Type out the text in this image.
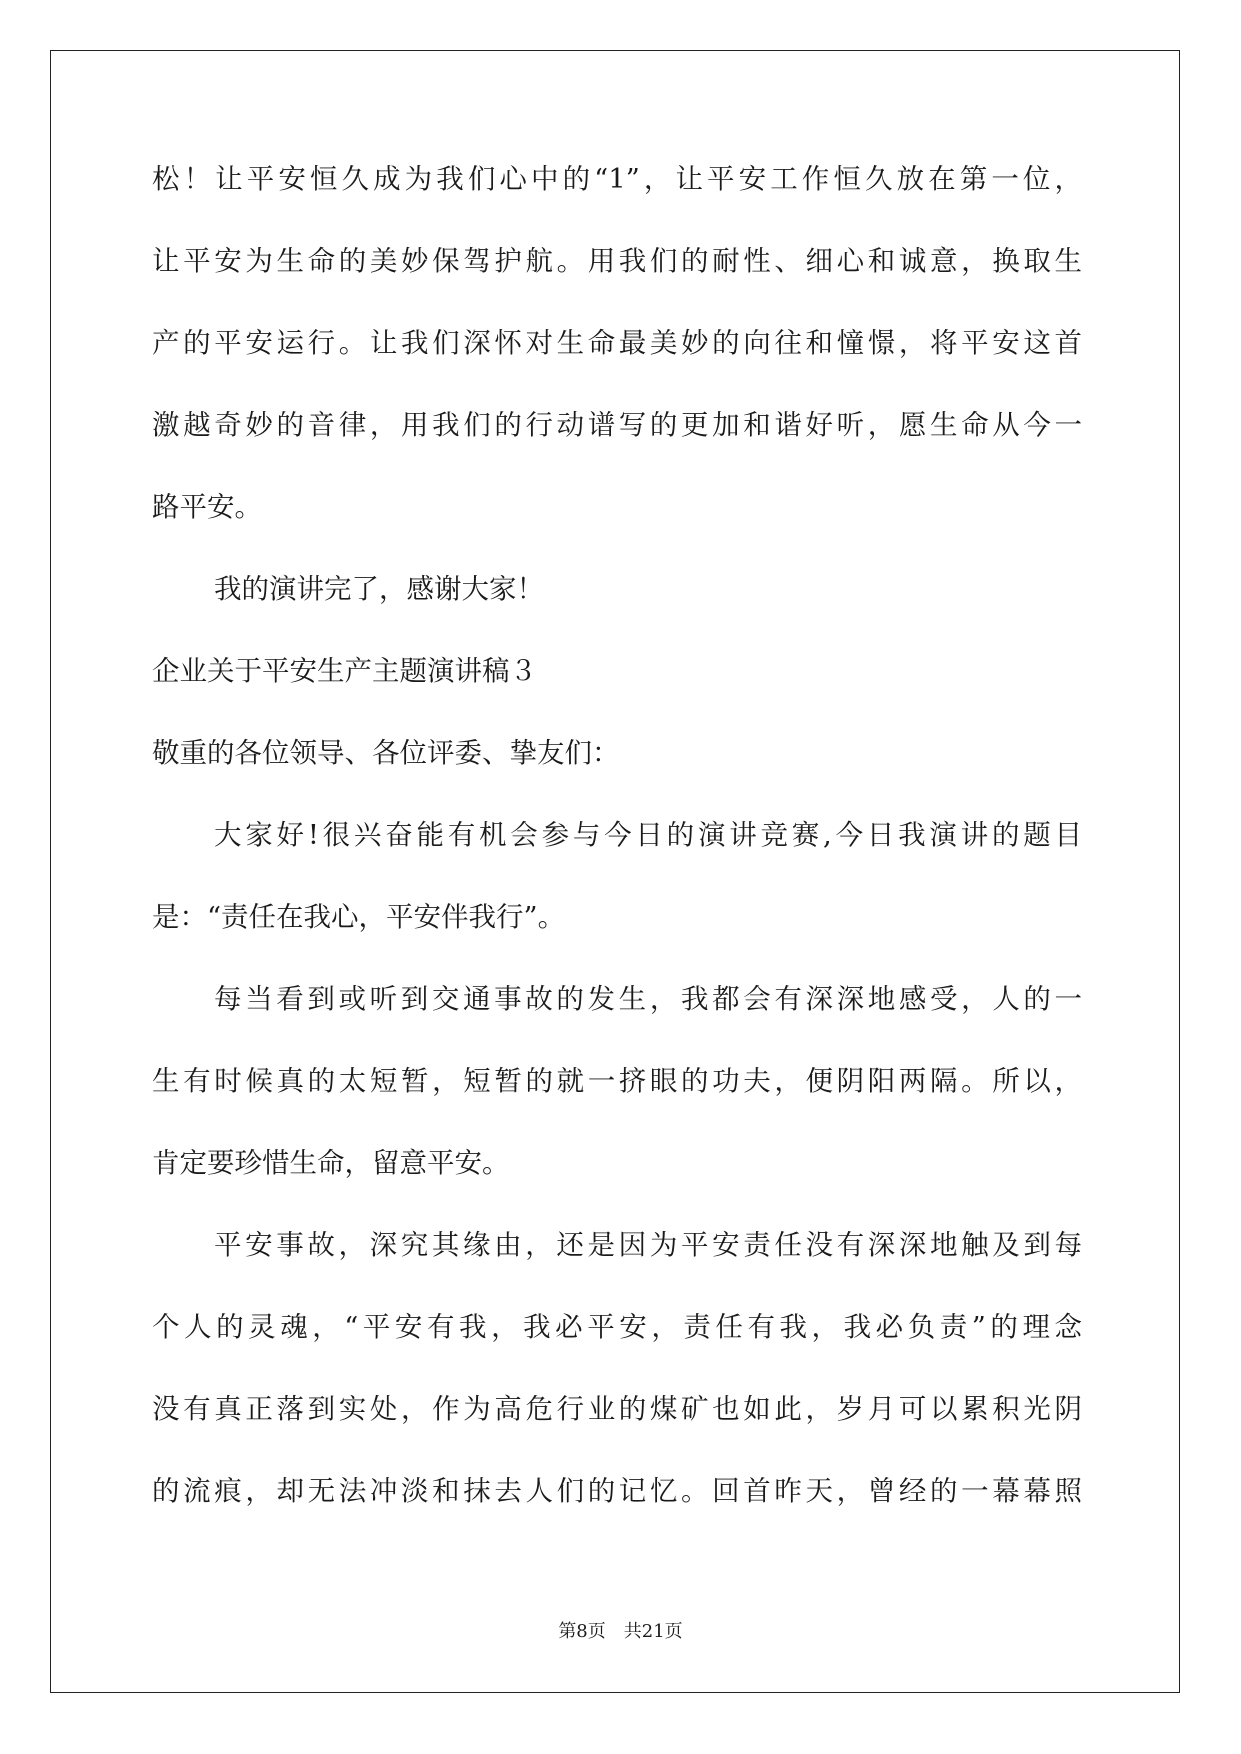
松！让平安恒久成为我们心中的“1”，让平安工作恒久放在第一位，
让平安为生命的美妙保驾护航。用我们的耐性、细心和诚意，换取生
产的平安运行。让我们深怀对生命最美妙的向往和憧憬，将平安这首
激越奇妙的音律，用我们的行动谱写的更加和谐好听，愿生命从今一
路平安。
我的演讲完了，感谢大家！
企业关于平安生产主题演讲稿３
敬重的各位领导、各位评委、挚友们：
大家好!很兴奋能有机会参与今日的演讲竞赛,今日我演讲的题目
是：“责任在我心，平安伴我行”。
每当看到或听到交通事故的发生，我都会有深深地感受，人的一
生有时候真的太短暂，短暂的就一挤眼的功夫，便阴阳两隔。所以，
肯定要珍惜生命，留意平安。
平安事故，深究其缘由，还是因为平安责任没有深深地触及到每
个人的灵魂，“平安有我，我必平安，责任有我，我必负责”的理念
没有真正落到实处，作为高危行业的煤矿也如此，岁月可以累积光阴
的流痕，却无法冲淡和抹去人们的记忆。回首昨天，曾经的一幕幕照
第8页　共21页
